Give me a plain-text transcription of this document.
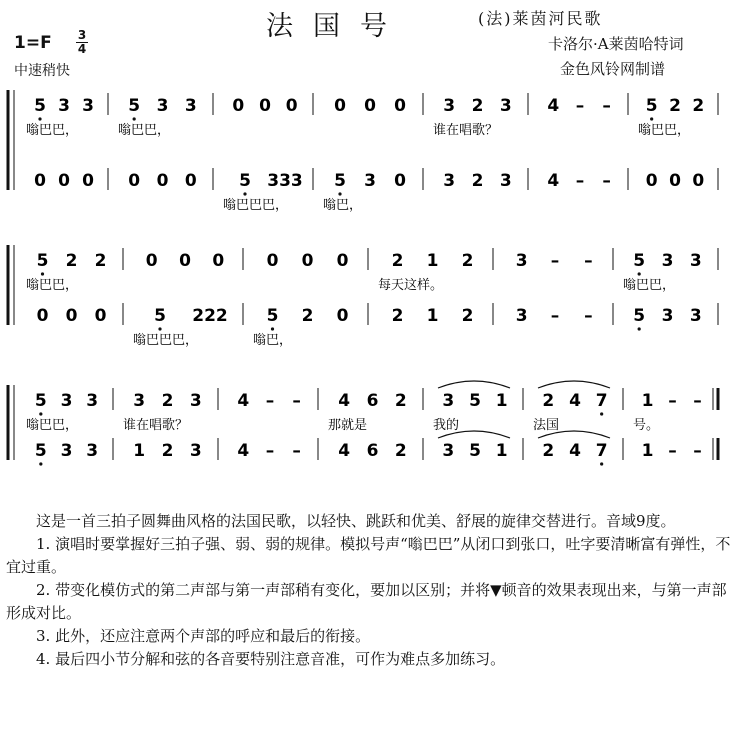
法国号	(法)莱茵河民歌
卡洛尔·A莱茵哈特词
金色风铃网制谱
1=F	3
4
中速稍快
5 3 3
嗡巴巴，
5 3 3
嗡巴巴，
0 0 0 0 0 0 3 2 3
谁在唱歌？
4 – – 5 2 2
嗡巴巴，
0 0 0 0 0 0 5 333
嗡巴巴巴，
5 3 0
嗡巴，
3 2 3 4 – – 0 0 0
5 2 2
嗡巴巴，
0 0 0 0 0 0	2 1 2
每天这样。
3 – – 5 3 3
嗡巴巴，
0 0 0	5 222
嗡巴巴巴，
5 2 0
嗡巴，
2 1 2 3 – – 5 3 3
5 3 3
嗡巴巴，
3 2 3
谁在唱歌？
4 – – 4 6 2
那就是
3 5 1
我的
2 4 7
法国
1 – –
号。
5 3 3 1 2 3 4 – – 4 6 2 3 5 1 2 4 7 1 – –

这是一首三拍子圆舞曲风格的法国民歌，以轻快、跳跃和优美、舒展的旋律交替进行。音域9度。

1. 演唱时要掌握好三拍子强、弱、弱的规律。模拟号声“嗡巴巴”从闭口到张口，吐字要清晰富有弹性，不宜过重。

2. 带变化模仿式的第二声部与第一声部稍有变化，要加以区别；并将▼顿音的效果表现出来，与第一声部形成对比。

3. 此外，还应注意两个声部的呼应和最后的衔接。

4. 最后四小节分解和弦的各音要特别注意音准，可作为难点多加练习。
